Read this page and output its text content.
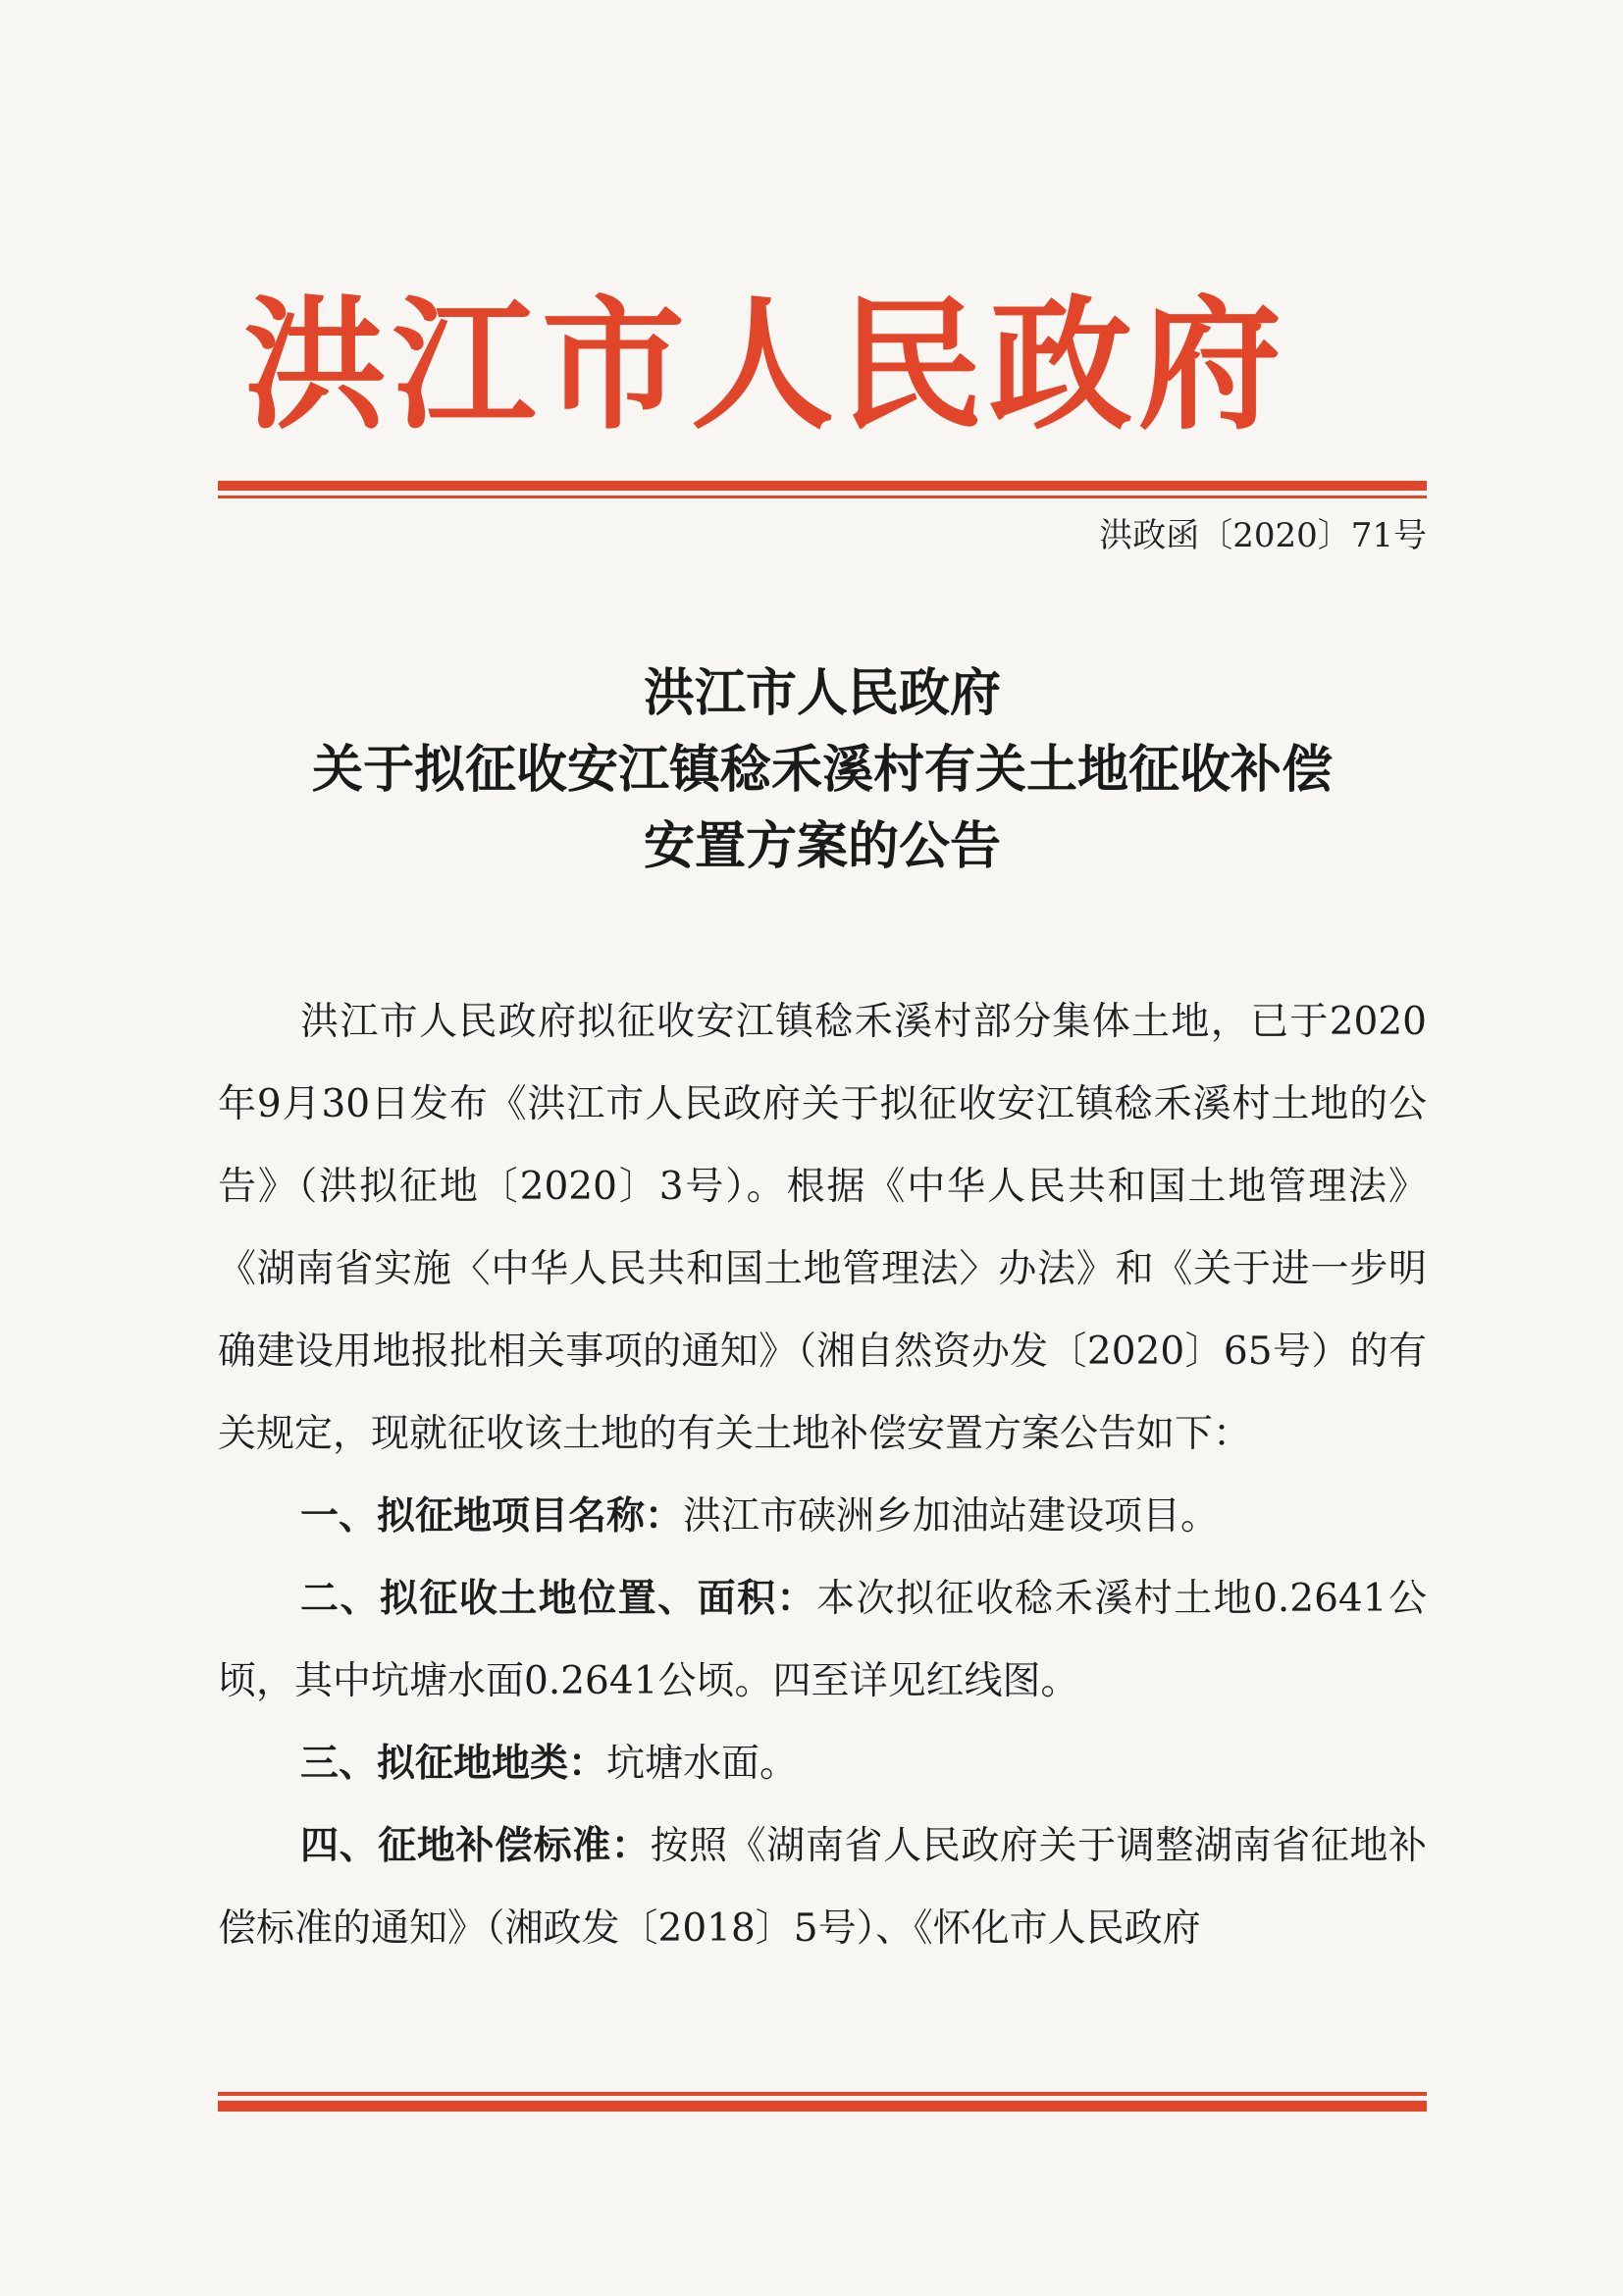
洪江市人民政府
洪政函〔2020〕71号
洪江市人民政府
关于拟征收安江镇稔禾溪村有关土地征收补偿
安置方案的公告

洪江市人民政府拟征收安江镇稔禾溪村部分集体土地，已于2020年9月30日发布《洪江市人民政府关于拟征收安江镇稔禾溪村土地的公告》（洪拟征地〔2020〕3号）。根据《中华人民共和国土地管理法》《湖南省实施〈中华人民共和国土地管理法〉办法》和《关于进一步明确建设用地报批相关事项的通知》（湘自然资办发〔2020〕65号）的有关规定，现就征收该土地的有关土地补偿安置方案公告如下：

一、拟征地项目名称：洪江市硖洲乡加油站建设项目。

二、拟征收土地位置、面积：本次拟征收稔禾溪村土地0.2641公顷，其中坑塘水面0.2641公顷。四至详见红线图。

三、拟征地地类：坑塘水面。

四、征地补偿标准：按照《湖南省人民政府关于调整湖南省征地补偿标准的通知》（湘政发〔2018〕5号）、《怀化市人民政府
